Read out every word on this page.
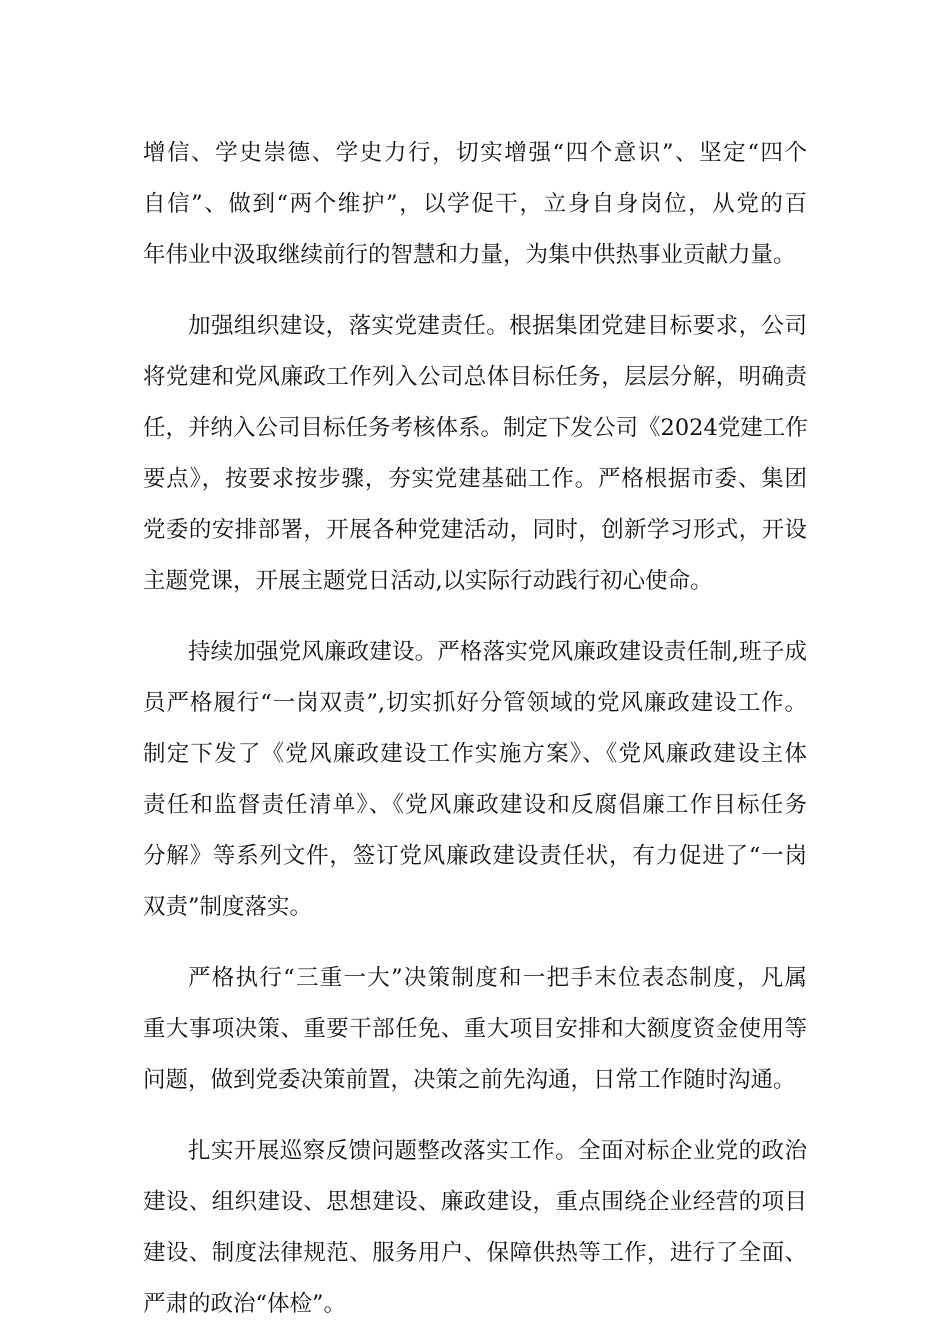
增信、学史崇德、学史力行，切实增强“四个意识”、坚定“四个
自信”、做到“两个维护”，以学促干，立身自身岗位，从党的百
年伟业中汲取继续前行的智慧和力量，为集中供热事业贡献力量。
加强组织建设，落实党建责任。根据集团党建目标要求，公司
将党建和党风廉政工作列入公司总体目标任务，层层分解，明确责
任，并纳入公司目标任务考核体系。制定下发公司《2024党建工作
要点》，按要求按步骤，夯实党建基础工作。严格根据市委、集团
党委的安排部署，开展各种党建活动，同时，创新学习形式，开设
主题党课，开展主题党日活动,以实际行动践行初心使命。
持续加强党风廉政建设。严格落实党风廉政建设责任制,班子成
员严格履行“一岗双责”,切实抓好分管领域的党风廉政建设工作。
制定下发了《党风廉政建设工作实施方案》、《党风廉政建设主体
责任和监督责任清单》、《党风廉政建设和反腐倡廉工作目标任务
分解》等系列文件，签订党风廉政建设责任状，有力促进了“一岗
双责”制度落实。
严格执行“三重一大”决策制度和一把手末位表态制度，凡属
重大事项决策、重要干部任免、重大项目安排和大额度资金使用等
问题，做到党委决策前置，决策之前先沟通，日常工作随时沟通。
扎实开展巡察反馈问题整改落实工作。全面对标企业党的政治
建设、组织建设、思想建设、廉政建设，重点围绕企业经营的项目
建设、制度法律规范、服务用户、保障供热等工作，进行了全面、
严肃的政治“体检”。
